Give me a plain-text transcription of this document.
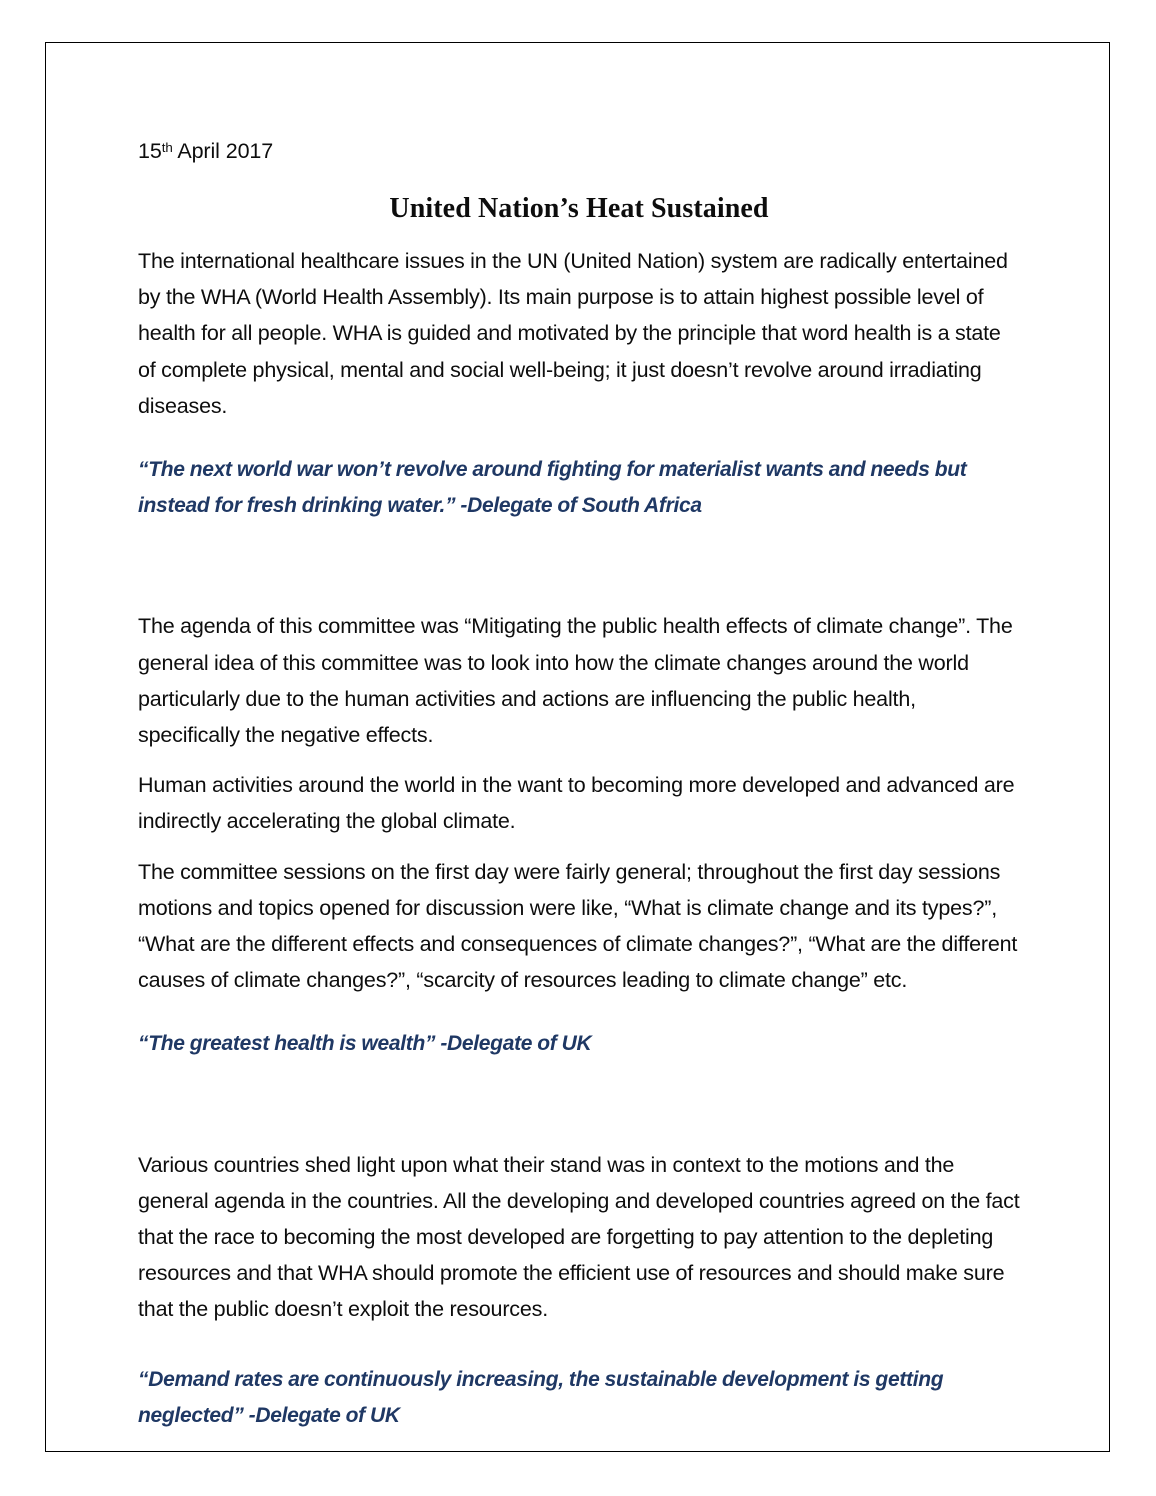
15th April 2017

United Nation’s Heat Sustained

The international healthcare issues in the UN (United Nation) system are radically entertained by the WHA (World Health Assembly). Its main purpose is to attain highest possible level of health for all people. WHA is guided and motivated by the principle that word health is a state of complete physical, mental and social well-being; it just doesn’t revolve around irradiating diseases.

“The next world war won’t revolve around fighting for materialist wants and needs but instead for fresh drinking water.” -Delegate of South Africa

The agenda of this committee was “Mitigating the public health effects of climate change”. The general idea of this committee was to look into how the climate changes around the world particularly due to the human activities and actions are influencing the public health, specifically the negative effects.

Human activities around the world in the want to becoming more developed and advanced are indirectly accelerating the global climate.

The committee sessions on the first day were fairly general; throughout the first day sessions motions and topics opened for discussion were like, “What is climate change and its types?”, “What are the different effects and consequences of climate changes?”, “What are the different causes of climate changes?”, “scarcity of resources leading to climate change” etc.

“The greatest health is wealth” -Delegate of UK

Various countries shed light upon what their stand was in context to the motions and the general agenda in the countries. All the developing and developed countries agreed on the fact that the race to becoming the most developed are forgetting to pay attention to the depleting resources and that WHA should promote the efficient use of resources and should make sure that the public doesn’t exploit the resources.

“Demand rates are continuously increasing, the sustainable development is getting neglected” -Delegate of UK
